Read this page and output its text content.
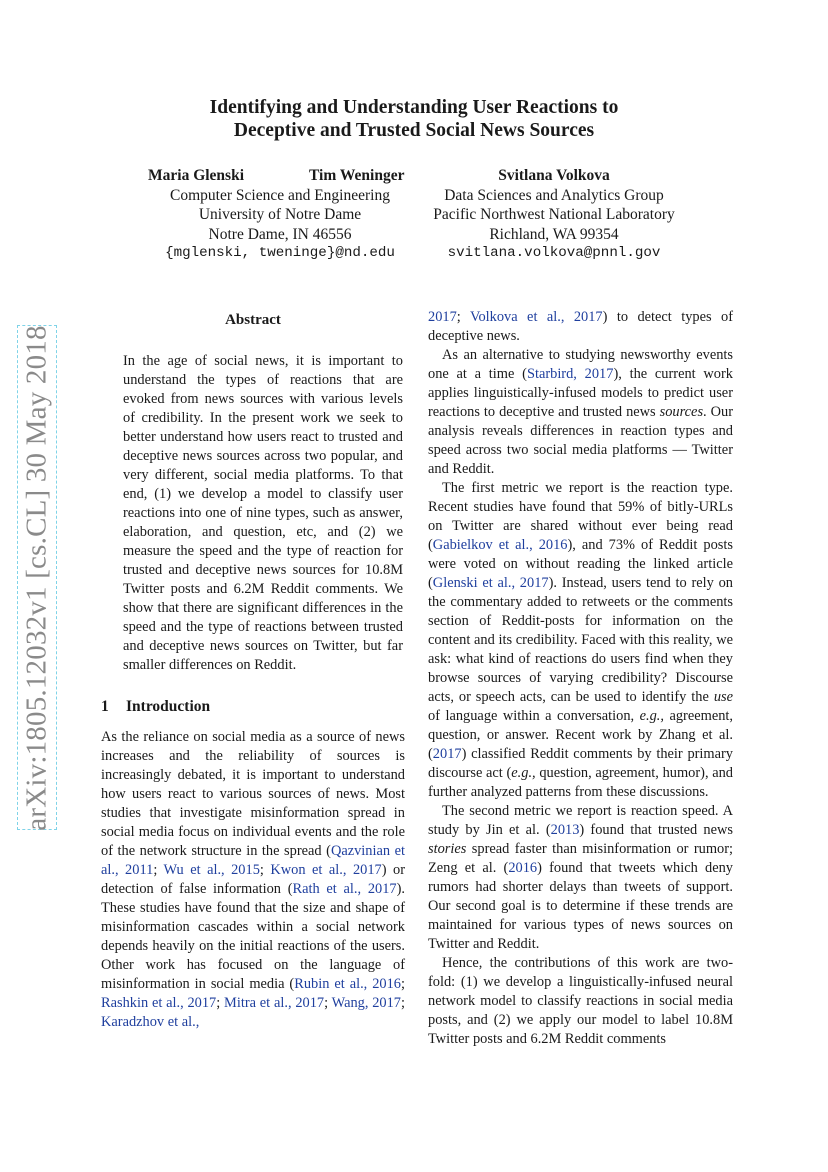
Identifying and Understanding User Reactions to
Deceptive and Trusted Social News Sources
Maria Glenski	Tim Weninger
Computer Science and Engineering
University of Notre Dame
Notre Dame, IN 46556
{mglenski, tweninge}@nd.edu
Svitlana Volkova
Data Sciences and Analytics Group
Pacific Northwest National Laboratory
Richland, WA 99354
svitlana.volkova@pnnl.gov
arXiv:1805.12032v1 [cs.CL] 30 May 2018
Abstract

In the age of social news, it is important to understand the types of reactions that are evoked from news sources with various levels of credibility. In the present work we seek to better understand how users react to trusted and deceptive news sources across two popular, and very different, social media platforms. To that end, (1) we develop a model to classify user reactions into one of nine types, such as answer, elaboration, and question, etc, and (2) we measure the speed and the type of reaction for trusted and deceptive news sources for 10.8M Twitter posts and 6.2M Reddit comments. We show that there are significant differences in the speed and the type of reactions between trusted and deceptive news sources on Twitter, but far smaller differences on Reddit.

1 Introduction

As the reliance on social media as a source of news increases and the reliability of sources is increasingly debated, it is important to understand how users react to various sources of news. Most studies that investigate misinformation spread in social media focus on individual events and the role of the network structure in the spread (Qazvinian et al., 2011; Wu et al., 2015; Kwon et al., 2017) or detection of false information (Rath et al., 2017). These studies have found that the size and shape of misinformation cascades within a social network depends heavily on the initial reactions of the users. Other work has focused on the language of misinformation in social media (Rubin et al., 2016; Rashkin et al., 2017; Mitra et al., 2017; Wang, 2017; Karadzhov et al.,

2017; Volkova et al., 2017) to detect types of deceptive news.

As an alternative to studying newsworthy events one at a time (Starbird, 2017), the current work applies linguistically-infused models to predict user reactions to deceptive and trusted news sources. Our analysis reveals differences in reaction types and speed across two social media platforms — Twitter and Reddit.

The first metric we report is the reaction type. Recent studies have found that 59% of bitly-URLs on Twitter are shared without ever being read (Gabielkov et al., 2016), and 73% of Reddit posts were voted on without reading the linked article (Glenski et al., 2017). Instead, users tend to rely on the commentary added to retweets or the comments section of Reddit-posts for information on the content and its credibility. Faced with this reality, we ask: what kind of reactions do users find when they browse sources of varying credibility? Discourse acts, or speech acts, can be used to identify the use of language within a conversation, e.g., agreement, question, or answer. Recent work by Zhang et al. (2017) classified Reddit comments by their primary discourse act (e.g., question, agreement, humor), and further analyzed patterns from these discussions.

The second metric we report is reaction speed. A study by Jin et al. (2013) found that trusted news stories spread faster than misinformation or rumor; Zeng et al. (2016) found that tweets which deny rumors had shorter delays than tweets of support. Our second goal is to determine if these trends are maintained for various types of news sources on Twitter and Reddit.

Hence, the contributions of this work are two-fold: (1) we develop a linguistically-infused neural network model to classify reactions in social media posts, and (2) we apply our model to label 10.8M Twitter posts and 6.2M Reddit comments
